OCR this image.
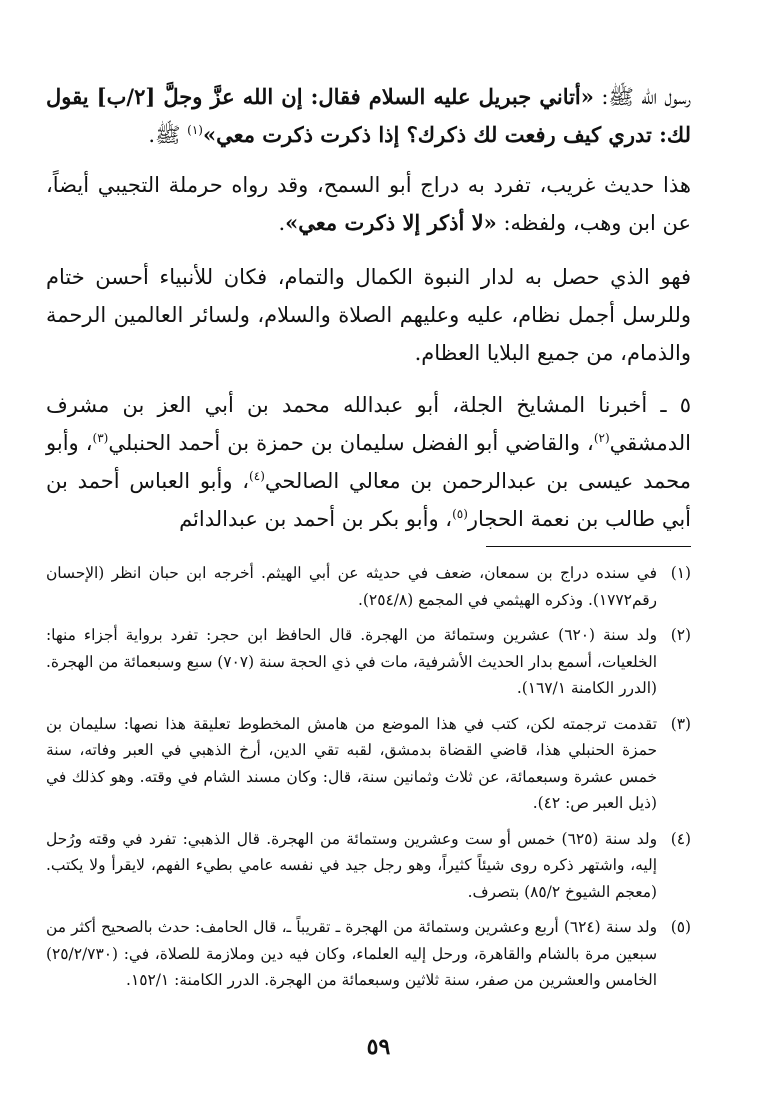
رسول الله ﷺ: «أتاني جبريل عليه السلام فقال: إن الله عزَّ وجلَّ [٢/ب] يقول لك: تدري كيف رفعت لك ذكرك؟ إذا ذكرت ذكرت معي»$^{(١)}$ ﷺ.

هذا حديث غريب، تفرد به دراج أبو السمح، وقد رواه حرملة التجيبي أيضاً، عن ابن وهب، ولفظه: «لا أذكر إلا ذكرت معي».

فهو الذي حصل به لدار النبوة الكمال والتمام، فكان للأنبياء أحسن ختام وللرسل أجمل نظام، عليه وعليهم الصلاة والسلام، ولسائر العالمين الرحمة والذمام، من جميع البلايا العظام.

٥ ـ أخبرنا المشايخ الجلة، أبو عبدالله محمد بن أبي العز بن مشرف الدمشقي$^{(٢)}$، والقاضي أبو الفضل سليمان بن حمزة بن أحمد الحنبلي$^{(٣)}$، وأبو محمد عيسى بن عبدالرحمن بن معالي الصالحي$^{(٤)}$، وأبو العباس أحمد بن أبي طالب بن نعمة الحجار$^{(٥)}$، وأبو بكر بن أحمد بن عبدالدائم

(١)
في سنده دراج بن سمعان، ضعف في حديثه عن أبي الهيثم. أخرجه ابن حبان انظر (الإحسان رقم١٧٧٢). وذكره الهيثمي في المجمع (٢٥٤/٨).
(٢)
ولد سنة (٦٢٠) عشرين وستمائة من الهجرة. قال الحافظ ابن حجر: تفرد برواية أجزاء منها: الخلعيات، أسمع بدار الحديث الأشرفية، مات في ذي الحجة سنة (٧٠٧) سبع وسبعمائة من الهجرة. (الدرر الكامنة ١٦٧/١).
(٣)
تقدمت ترجمته لكن، كتب في هذا الموضع من هامش المخطوط تعليقة هذا نصها: سليمان بن حمزة الحنبلي هذا، قاضي القضاة بدمشق، لقبه تقي الدين، أرخ الذهبي في العبر وفاته، سنة خمس عشرة وسبعمائة، عن ثلاث وثمانين سنة، قال: وكان مسند الشام في وقته. وهو كذلك في (ذيل العبر ص: ٤٢).
(٤)
ولد سنة (٦٢٥) خمس أو ست وعشرين وستمائة من الهجرة. قال الذهبي: تفرد في وقته ورُحل إليه، واشتهر ذكره روى شيئاً كثيراً، وهو رجل جيد في نفسه عامي بطيء الفهم، لايقرأ ولا يكتب. (معجم الشيوخ ٨٥/٢) بتصرف.
(٥)
ولد سنة (٦٢٤) أربع وعشرين وستمائة من الهجرة ـ تقريباً ـ، قال الحامف: حدث بالصحيح أكثر من سبعين مرة بالشام والقاهرة، ورحل إليه العلماء، وكان فيه دين وملازمة للصلاة، في: (٢٥/٢/٧٣٠) الخامس والعشرين من صفر، سنة ثلاثين وسبعمائة من الهجرة. الدرر الكامنة: ١٥٢/١.
٥٩
